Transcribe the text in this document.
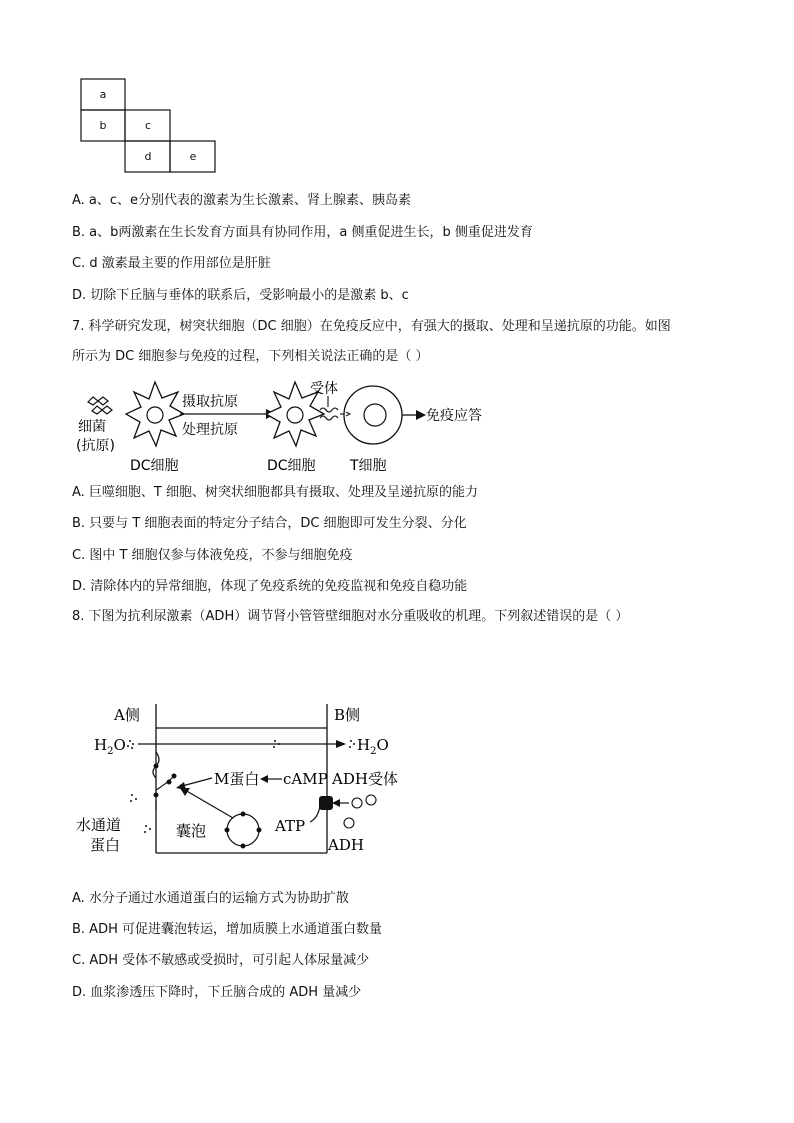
a
b	c
d	e
A. a、c、e分别代表的激素为生长激素、肾上腺素、胰岛素
B. a、b两激素在生长发育方面具有协同作用，a 侧重促进生长，b 侧重促进发育
C. d 激素最主要的作用部位是肝脏
D. 切除下丘脑与垂体的联系后，受影响最小的是激素 b、c
7. 科学研究发现，树突状细胞（DC 细胞）在免疫反应中，有强大的摄取、处理和呈递抗原的功能。如图
所示为 DC 细胞参与免疫的过程，下列相关说法正确的是（ ）
细菌
(抗原)
DC细胞
摄取抗原
处理抗原
DC细胞
受体
T细胞
免疫应答
A. 巨噬细胞、T 细胞、树突状细胞都具有摄取、处理及呈递抗原的能力
B. 只要与 T 细胞表面的特定分子结合，DC 细胞即可发生分裂、分化
C. 图中 T 细胞仅参与体液免疫，不参与细胞免疫
D. 清除体内的异常细胞，体现了免疫系统的免疫监视和免疫自稳功能
8. 下图为抗利尿激素（ADH）调节肾小管管壁细胞对水分重吸收的机理。下列叙述错误的是（ ）
A侧	B侧
$H_2O$	$H_2O$
M蛋白 cAMP ADH受体
ATP
囊泡
水通道
蛋白	ADH
A. 水分子通过水通道蛋白的运输方式为协助扩散
B. ADH 可促进囊泡转运，增加质膜上水通道蛋白数量
C. ADH 受体不敏感或受损时，可引起人体尿量减少
D. 血浆渗透压下降时，下丘脑合成的 ADH 量减少
